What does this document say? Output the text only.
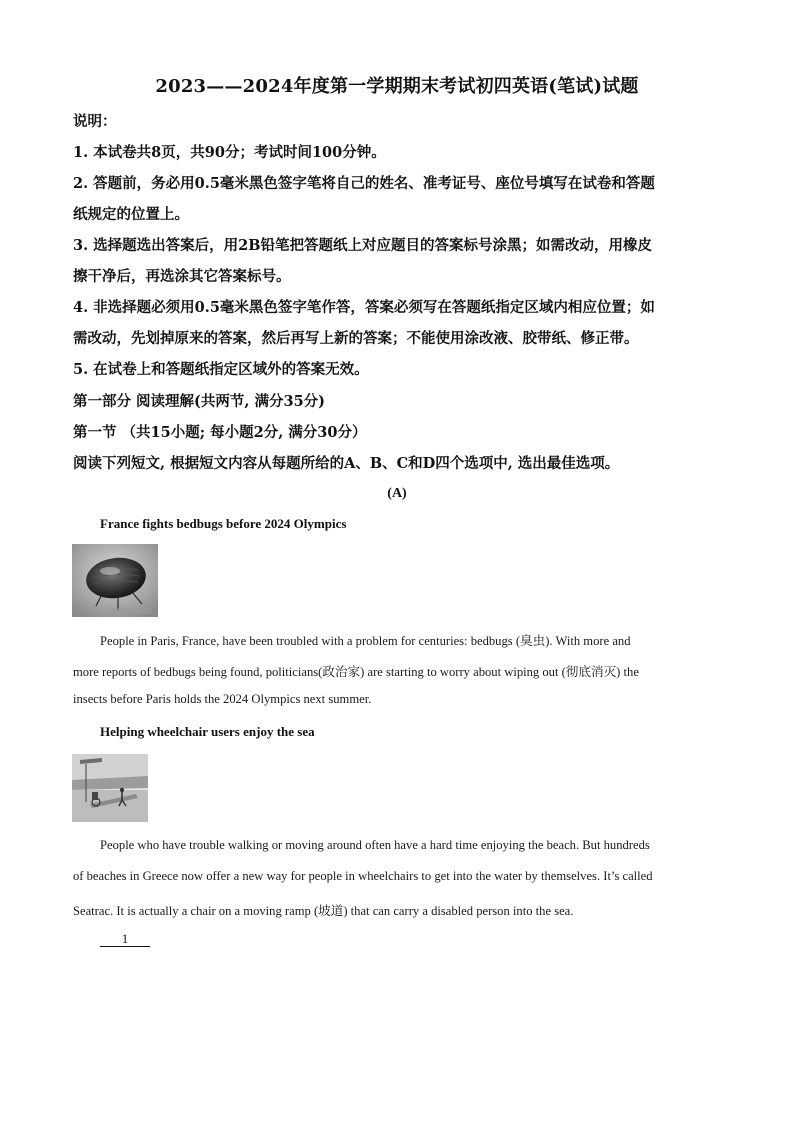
2023——2024年度第一学期期末考试初四英语(笔试)试题
说明：
1. 本试卷共8页，共90分；考试时间100分钟。
2. 答题前，务必用0.5毫米黑色签字笔将自己的姓名、准考证号、座位号填写在试卷和答题
纸规定的位置上。
3. 选择题选出答案后，用2B铅笔把答题纸上对应题目的答案标号涂黑；如需改动，用橡皮
擦干净后，再选涂其它答案标号。
4. 非选择题必须用0.5毫米黑色签字笔作答，答案必须写在答题纸指定区域内相应位置；如
需改动，先划掉原来的答案，然后再写上新的答案；不能使用涂改液、胶带纸、修正带。
5. 在试卷上和答题纸指定区域外的答案无效。
第一部分 阅读理解(共两节, 满分35分)
第一节 （共15小题; 每小题2分, 满分30分）
阅读下列短文, 根据短文内容从每题所给的A、B、C和D四个选项中, 选出最佳选项。
(A)
France fights bedbugs before 2024 Olympics
People in Paris, France, have been troubled with a problem for centuries: bedbugs (臭虫). With more and
more reports of bedbugs being found, politicians(政治家) are starting to worry about wiping out (彻底消灭) the
insects before Paris holds the 2024 Olympics next summer.
Helping wheelchair users enjoy the sea
People who have trouble walking or moving around often have a hard time enjoying the beach. But hundreds
of beaches in Greece now offer a new way for people in wheelchairs to get into the water by themselves. It’s called
Seatrac. It is actually a chair on a moving ramp (坡道) that can carry a disabled person into the sea.
1
